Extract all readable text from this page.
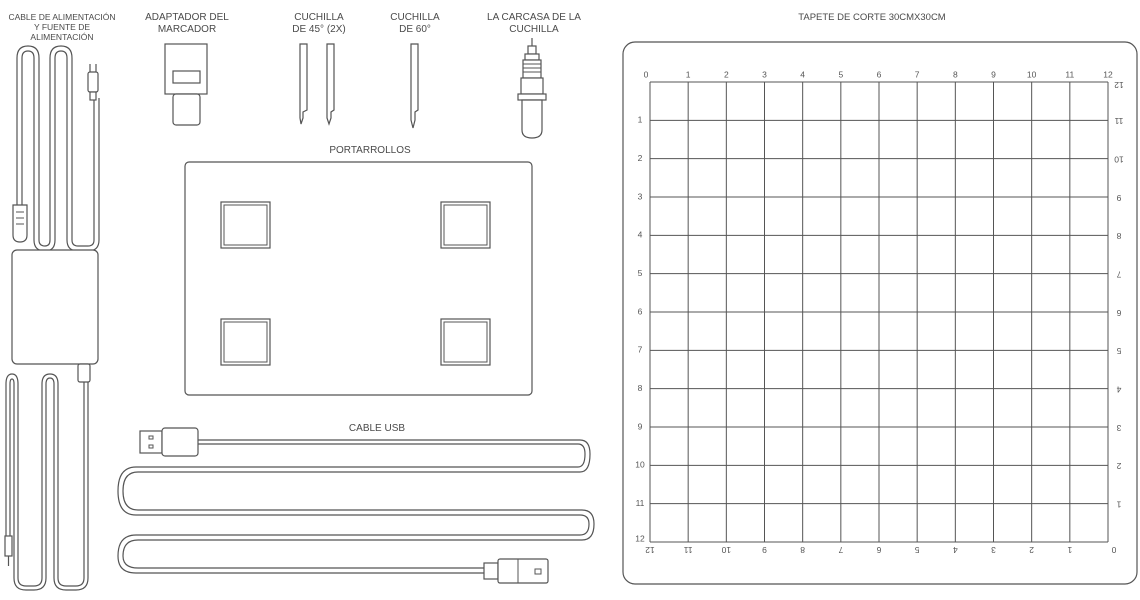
CABLE DE ALIMENTACIÓN
Y FUENTE DE
ALIMENTACIÓN
ADAPTADOR DEL
MARCADOR
CUCHILLA
DE 45° (2X)
CUCHILLA
DE 60°
LA CARCASA DE LA
CUCHILLA
PORTARROLLOS
CABLE USB
TAPETE DE CORTE 30CMX30CM
0
12
12
1
1
11
11
2
2
10
10
3
3
9
9
4
4
8
8
5
5
7
7
6
6
6
6
7
7
5
5
8
8
4
4
9
9
3
3
10
10
2
2
11
11
1
1
12
12
0
